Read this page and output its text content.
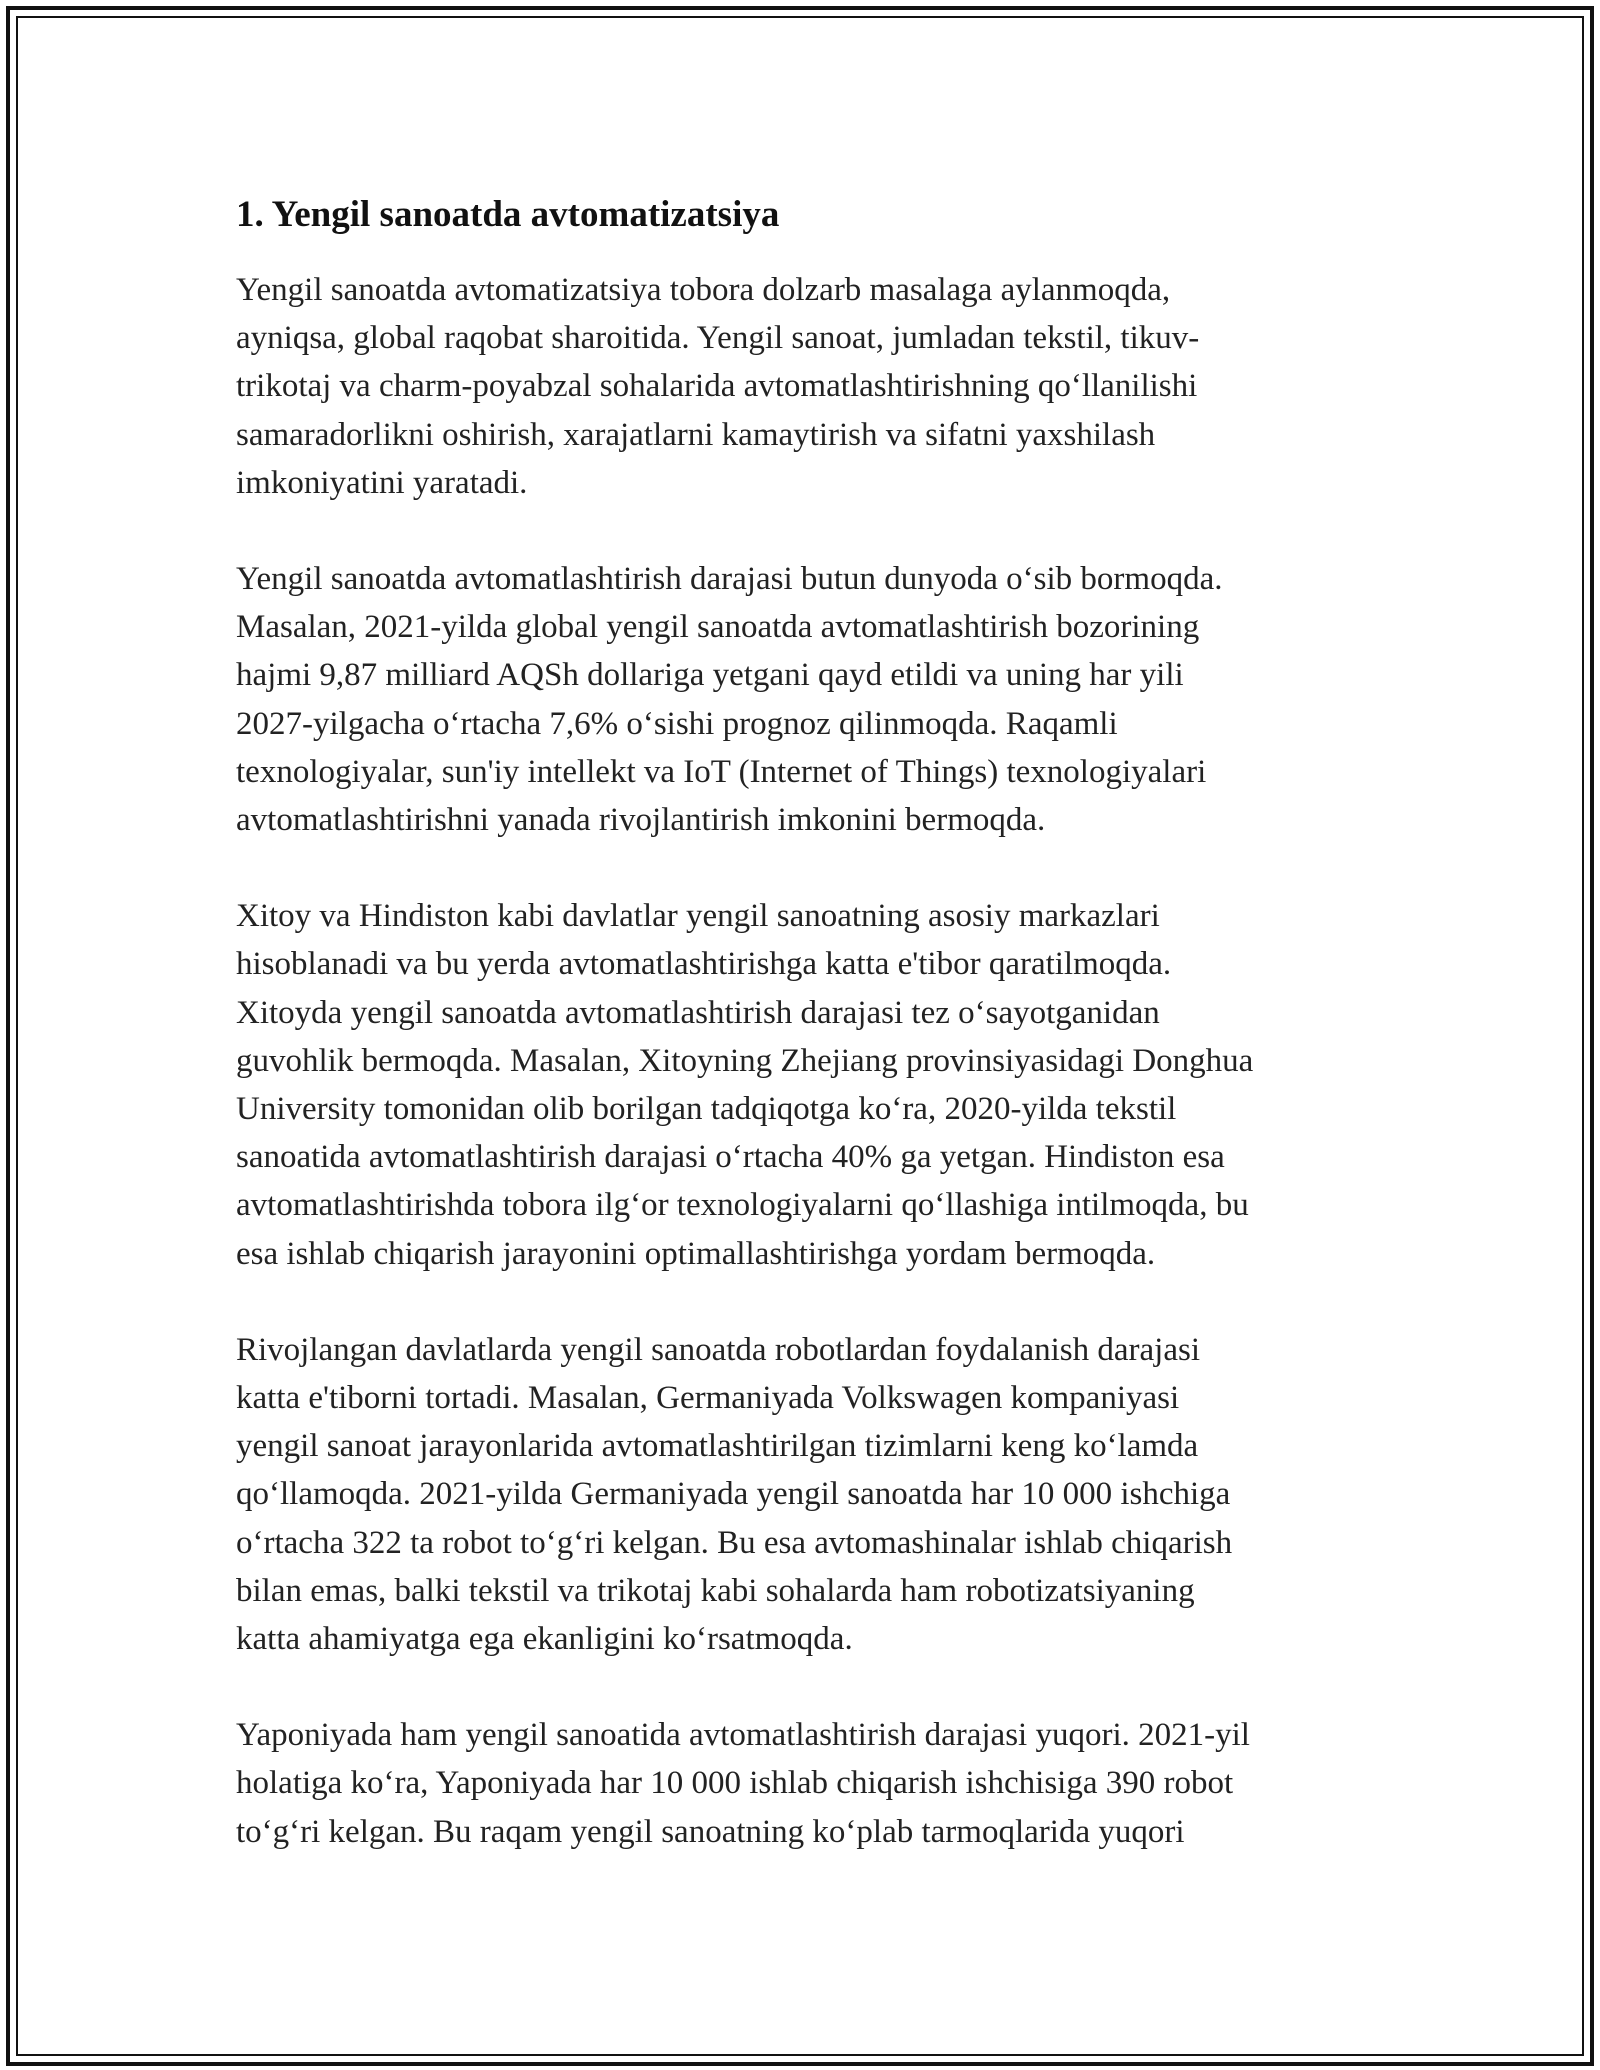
1. Yengil sanoatda avtomatizatsiya

Yengil sanoatda avtomatizatsiya tobora dolzarb masalaga aylanmoqda,
ayniqsa, global raqobat sharoitida. Yengil sanoat, jumladan tekstil, tikuv-
trikotaj va charm-poyabzal sohalarida avtomatlashtirishning qo‘llanilishi
samaradorlikni oshirish, xarajatlarni kamaytirish va sifatni yaxshilash
imkoniyatini yaratadi.

Yengil sanoatda avtomatlashtirish darajasi butun dunyoda o‘sib bormoqda.
Masalan, 2021-yilda global yengil sanoatda avtomatlashtirish bozorining
hajmi 9,87 milliard AQSh dollariga yetgani qayd etildi va uning har yili
2027-yilgacha o‘rtacha 7,6% o‘sishi prognoz qilinmoqda. Raqamli
texnologiyalar, sun'iy intellekt va IoT (Internet of Things) texnologiyalari
avtomatlashtirishni yanada rivojlantirish imkonini bermoqda.

Xitoy va Hindiston kabi davlatlar yengil sanoatning asosiy markazlari
hisoblanadi va bu yerda avtomatlashtirishga katta e'tibor qaratilmoqda.
Xitoyda yengil sanoatda avtomatlashtirish darajasi tez o‘sayotganidan
guvohlik bermoqda. Masalan, Xitoyning Zhejiang provinsiyasidagi Donghua
University tomonidan olib borilgan tadqiqotga ko‘ra, 2020-yilda tekstil
sanoatida avtomatlashtirish darajasi o‘rtacha 40% ga yetgan. Hindiston esa
avtomatlashtirishda tobora ilg‘or texnologiyalarni qo‘llashiga intilmoqda, bu
esa ishlab chiqarish jarayonini optimallashtirishga yordam bermoqda.

Rivojlangan davlatlarda yengil sanoatda robotlardan foydalanish darajasi
katta e'tiborni tortadi. Masalan, Germaniyada Volkswagen kompaniyasi
yengil sanoat jarayonlarida avtomatlashtirilgan tizimlarni keng ko‘lamda
qo‘llamoqda. 2021-yilda Germaniyada yengil sanoatda har 10 000 ishchiga
o‘rtacha 322 ta robot to‘g‘ri kelgan. Bu esa avtomashinalar ishlab chiqarish
bilan emas, balki tekstil va trikotaj kabi sohalarda ham robotizatsiyaning
katta ahamiyatga ega ekanligini ko‘rsatmoqda.

Yaponiyada ham yengil sanoatida avtomatlashtirish darajasi yuqori. 2021-yil
holatiga ko‘ra, Yaponiyada har 10 000 ishlab chiqarish ishchisiga 390 robot
to‘g‘ri kelgan. Bu raqam yengil sanoatning ko‘plab tarmoqlarida yuqori
